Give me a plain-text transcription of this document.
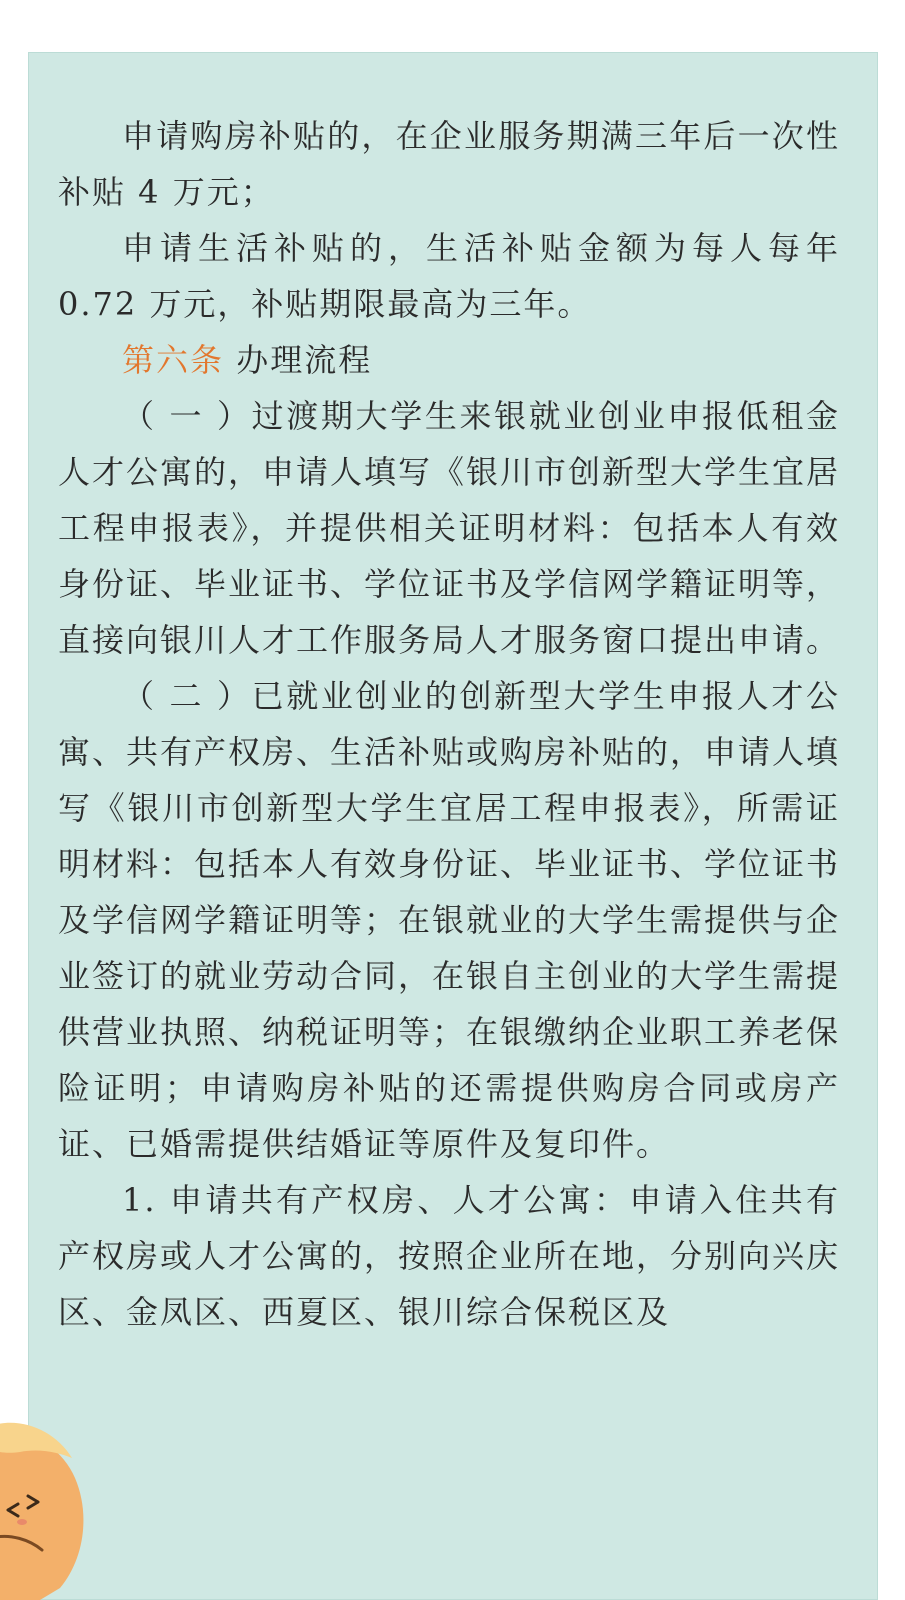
申请购房补贴的，在企业服务期满三年后一次性补贴 4 万元；

申请生活补贴的，生活补贴金额为每人每年 0.72 万元，补贴期限最高为三年。

第六条 办理流程

（ 一 ）过渡期大学生来银就业创业申报低租金人才公寓的，申请人填写《银川市创新型大学生宜居工程申报表》，并提供相关证明材料：包括本人有效身份证、毕业证书、学位证书及学信网学籍证明等，直接向银川人才工作服务局人才服务窗口提出申请。

（ 二 ）已就业创业的创新型大学生申报人才公寓、共有产权房、生活补贴或购房补贴的，申请人填写《银川市创新型大学生宜居工程申报表》，所需证明材料：包括本人有效身份证、毕业证书、学位证书及学信网学籍证明等；在银就业的大学生需提供与企业签订的就业劳动合同，在银自主创业的大学生需提供营业执照、纳税证明等；在银缴纳企业职工养老保险证明；申请购房补贴的还需提供购房合同或房产证、已婚需提供结婚证等原件及复印件。

1. 申请共有产权房、人才公寓：申请入住共有产权房或人才公寓的，按照企业所在地，分别向兴庆区、金凤区、西夏区、银川综合保税区及
